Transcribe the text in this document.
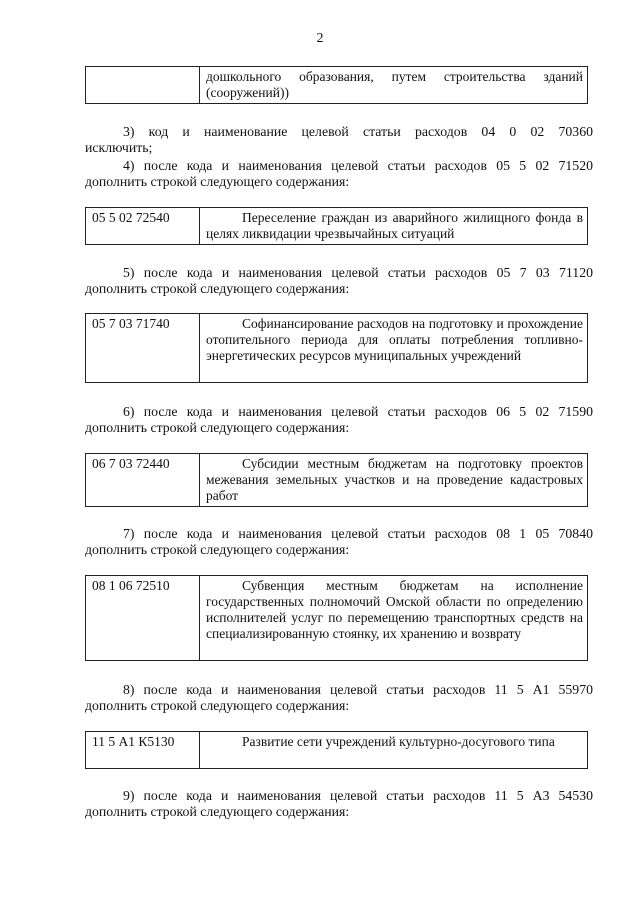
2
дошкольного образования, путем строительства зданий (сооружений))
3) код и наименование целевой статьи расходов 04 0 02 70360
исключить;
4) после кода и наименования целевой статьи расходов 05 5 02 71520
дополнить строкой следующего содержания:
05 5 02 72540	Переселение граждан из аварийного жилищного фонда в целях ликвидации чрезвычайных ситуаций
5) после кода и наименования целевой статьи расходов 05 7 03 71120
дополнить строкой следующего содержания:
05 7 03 71740	Софинансирование расходов на подготовку и прохождение отопительного периода для оплаты потребления топливно-энергетических ресурсов муниципальных учреждений
6) после кода и наименования целевой статьи расходов 06 5 02 71590
дополнить строкой следующего содержания:
06 7 03 72440	Субсидии местным бюджетам на подготовку проектов межевания земельных участков и на проведение кадастровых работ
7) после кода и наименования целевой статьи расходов 08 1 05 70840
дополнить строкой следующего содержания:
08 1 06 72510	Субвенция местным бюджетам на исполнение государственных полномочий Омской области по определению исполнителей услуг по перемещению транспортных средств на специализированную стоянку, их хранению и возврату
8) после кода и наименования целевой статьи расходов 11 5 А1 55970
дополнить строкой следующего содержания:
11 5 А1 К5130	Развитие сети учреждений культурно-досугового типа
9) после кода и наименования целевой статьи расходов 11 5 А3 54530
дополнить строкой следующего содержания:
